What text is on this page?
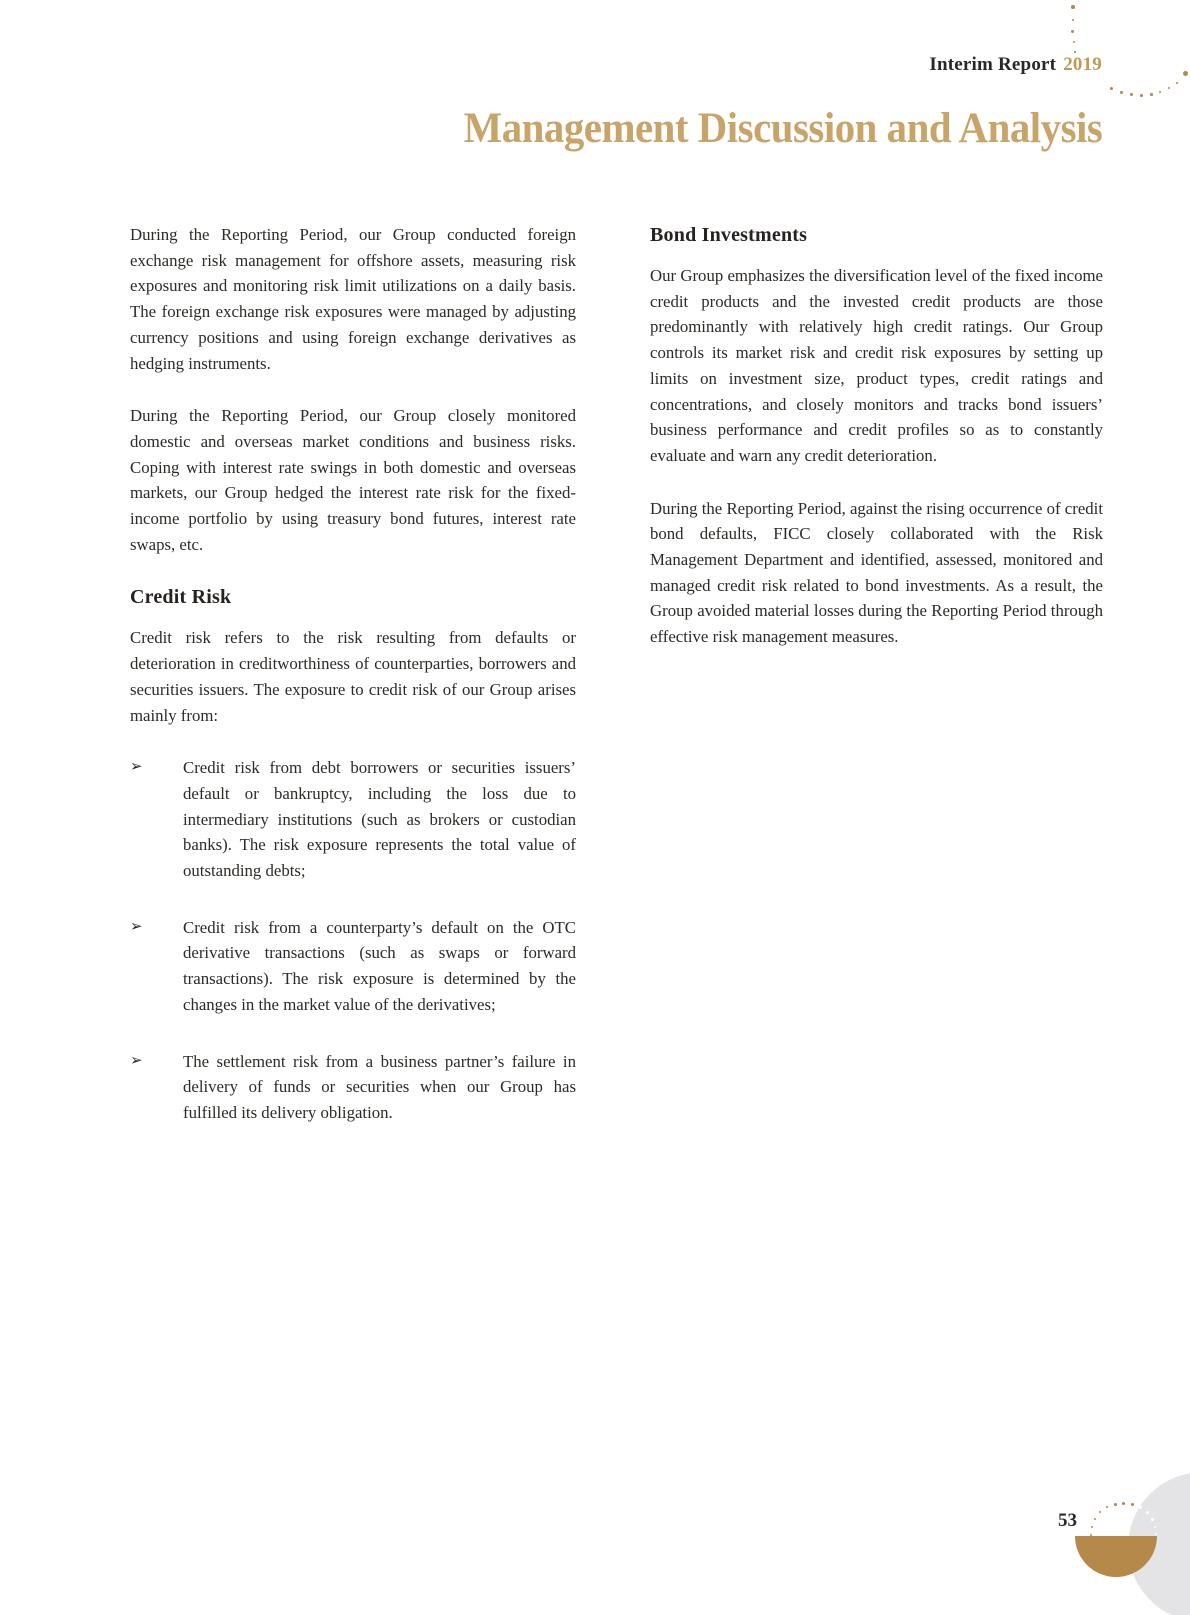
Interim Report 2019
Management Discussion and Analysis

During the Reporting Period, our Group conducted foreign exchange risk management for offshore assets, measuring risk exposures and monitoring risk limit utilizations on a daily basis. The foreign exchange risk exposures were managed by adjusting currency positions and using foreign exchange derivatives as hedging instruments.

During the Reporting Period, our Group closely monitored domestic and overseas market conditions and business risks. Coping with interest rate swings in both domestic and overseas markets, our Group hedged the interest rate risk for the fixed-income portfolio by using treasury bond futures, interest rate swaps, etc.

Credit Risk

Credit risk refers to the risk resulting from defaults or deterioration in creditworthiness of counterparties, borrowers and securities issuers. The exposure to credit risk of our Group arises mainly from:

➢	Credit risk from debt borrowers or securities issuers’ default or bankruptcy, including the loss due to intermediary institutions (such as brokers or custodian banks). The risk exposure represents the total value of outstanding debts;
➢	Credit risk from a counterparty’s default on the OTC derivative transactions (such as swaps or forward transactions). The risk exposure is determined by the changes in the market value of the derivatives;
➢	The settlement risk from a business partner’s failure in delivery of funds or securities when our Group has fulfilled its delivery obligation.
Bond Investments

Our Group emphasizes the diversification level of the fixed income credit products and the invested credit products are those predominantly with relatively high credit ratings. Our Group controls its market risk and credit risk exposures by setting up limits on investment size, product types, credit ratings and concentrations, and closely monitors and tracks bond issuers’ business performance and credit profiles so as to constantly evaluate and warn any credit deterioration.

During the Reporting Period, against the rising occurrence of credit bond defaults, FICC closely collaborated with the Risk Management Department and identified, assessed, monitored and managed credit risk related to bond investments. As a result, the Group avoided material losses during the Reporting Period through effective risk management measures.

53
